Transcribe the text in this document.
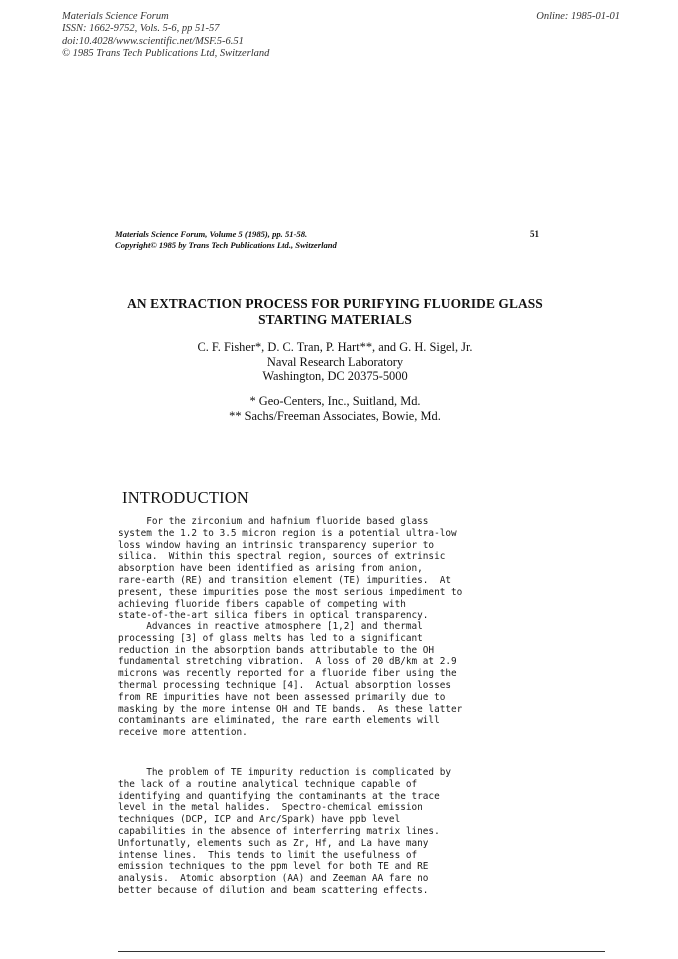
Materials Science Forum
ISSN: 1662-9752, Vols. 5-6, pp 51-57
doi:10.4028/www.scientific.net/MSF.5-6.51
© 1985 Trans Tech Publications Ltd, Switzerland
Online: 1985-01-01
Materials Science Forum, Volume 5 (1985), pp. 51-58.
Copyright© 1985 by Trans Tech Publications Ltd., Switzerland
51
AN EXTRACTION PROCESS FOR PURIFYING FLUORIDE GLASS
STARTING MATERIALS
C. F. Fisher*, D. C. Tran, P. Hart**, and G. H. Sigel, Jr.
Naval Research Laboratory
Washington, DC 20375-5000
* Geo-Centers, Inc., Suitland, Md.
** Sachs/Freeman Associates, Bowie, Md.
INTRODUCTION
For the zirconium and hafnium fluoride based glass
system the 1.2 to 3.5 micron region is a potential ultra-low
loss window having an intrinsic transparency superior to
silica.  Within this spectral region, sources of extrinsic
absorption have been identified as arising from anion,
rare-earth (RE) and transition element (TE) impurities.  At
present, these impurities pose the most serious impediment to
achieving fluoride fibers capable of competing with
state-of-the-art silica fibers in optical transparency.
Advances in reactive atmosphere [1,2] and thermal
processing [3] of glass melts has led to a significant
reduction in the absorption bands attributable to the OH
fundamental stretching vibration.  A loss of 20 dB/km at 2.9
microns was recently reported for a fluoride fiber using the
thermal processing technique [4].  Actual absorption losses
from RE impurities have not been assessed primarily due to
masking by the more intense OH and TE bands.  As these latter
contaminants are eliminated, the rare earth elements will
receive more attention.
The problem of TE impurity reduction is complicated by
the lack of a routine analytical technique capable of
identifying and quantifying the contaminants at the trace
level in the metal halides.  Spectro-chemical emission
techniques (DCP, ICP and Arc/Spark) have ppb level
capabilities in the absence of interferring matrix lines.
Unfortunatly, elements such as Zr, Hf, and La have many
intense lines.  This tends to limit the usefulness of
emission techniques to the ppm level for both TE and RE
analysis.  Atomic absorption (AA) and Zeeman AA fare no
better because of dilution and beam scattering effects.
